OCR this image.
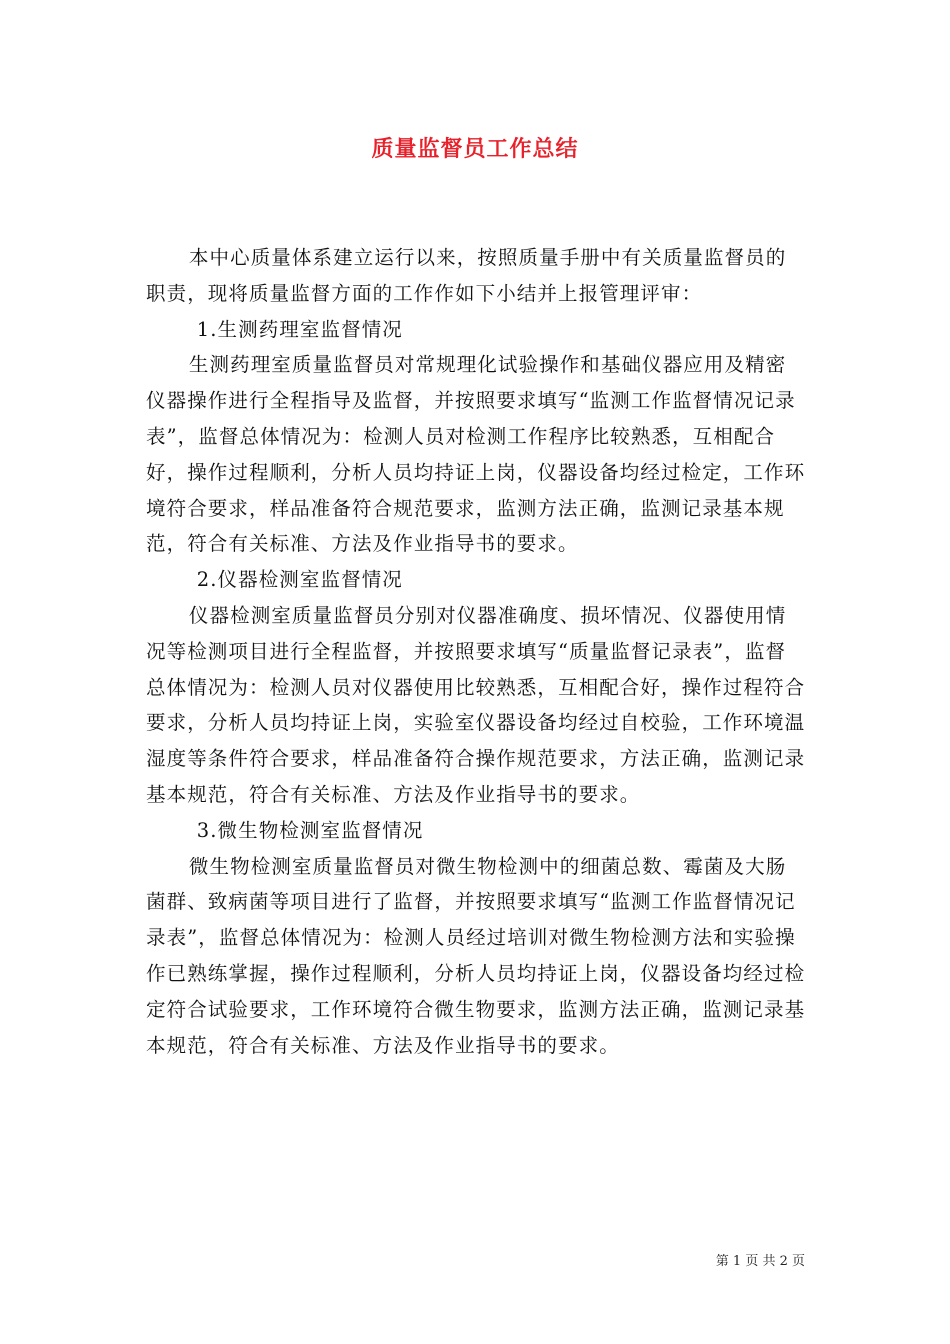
质量监督员工作总结

本中心质量体系建立运行以来，按照质量手册中有关质量监督员的职责，现将质量监督方面的工作作如下小结并上报管理评审：

1.生测药理室监督情况

生测药理室质量监督员对常规理化试验操作和基础仪器应用及精密仪器操作进行全程指导及监督，并按照要求填写“监测工作监督情况记录表”，监督总体情况为：检测人员对检测工作程序比较熟悉，互相配合好，操作过程顺利，分析人员均持证上岗，仪器设备均经过检定，工作环境符合要求，样品准备符合规范要求，监测方法正确，监测记录基本规范，符合有关标准、方法及作业指导书的要求。

2.仪器检测室监督情况

仪器检测室质量监督员分别对仪器准确度、损坏情况、仪器使用情况等检测项目进行全程监督，并按照要求填写“质量监督记录表”，监督总体情况为：检测人员对仪器使用比较熟悉，互相配合好，操作过程符合要求，分析人员均持证上岗，实验室仪器设备均经过自校验，工作环境温湿度等条件符合要求，样品准备符合操作规范要求，方法正确，监测记录基本规范，符合有关标准、方法及作业指导书的要求。

3.微生物检测室监督情况

微生物检测室质量监督员对微生物检测中的细菌总数、霉菌及大肠菌群、致病菌等项目进行了监督，并按照要求填写“监测工作监督情况记录表”，监督总体情况为：检测人员经过培训对微生物检测方法和实验操作已熟练掌握，操作过程顺利，分析人员均持证上岗，仪器设备均经过检定符合试验要求，工作环境符合微生物要求，监测方法正确，监测记录基本规范，符合有关标准、方法及作业指导书的要求。

第 1 页 共 2 页
